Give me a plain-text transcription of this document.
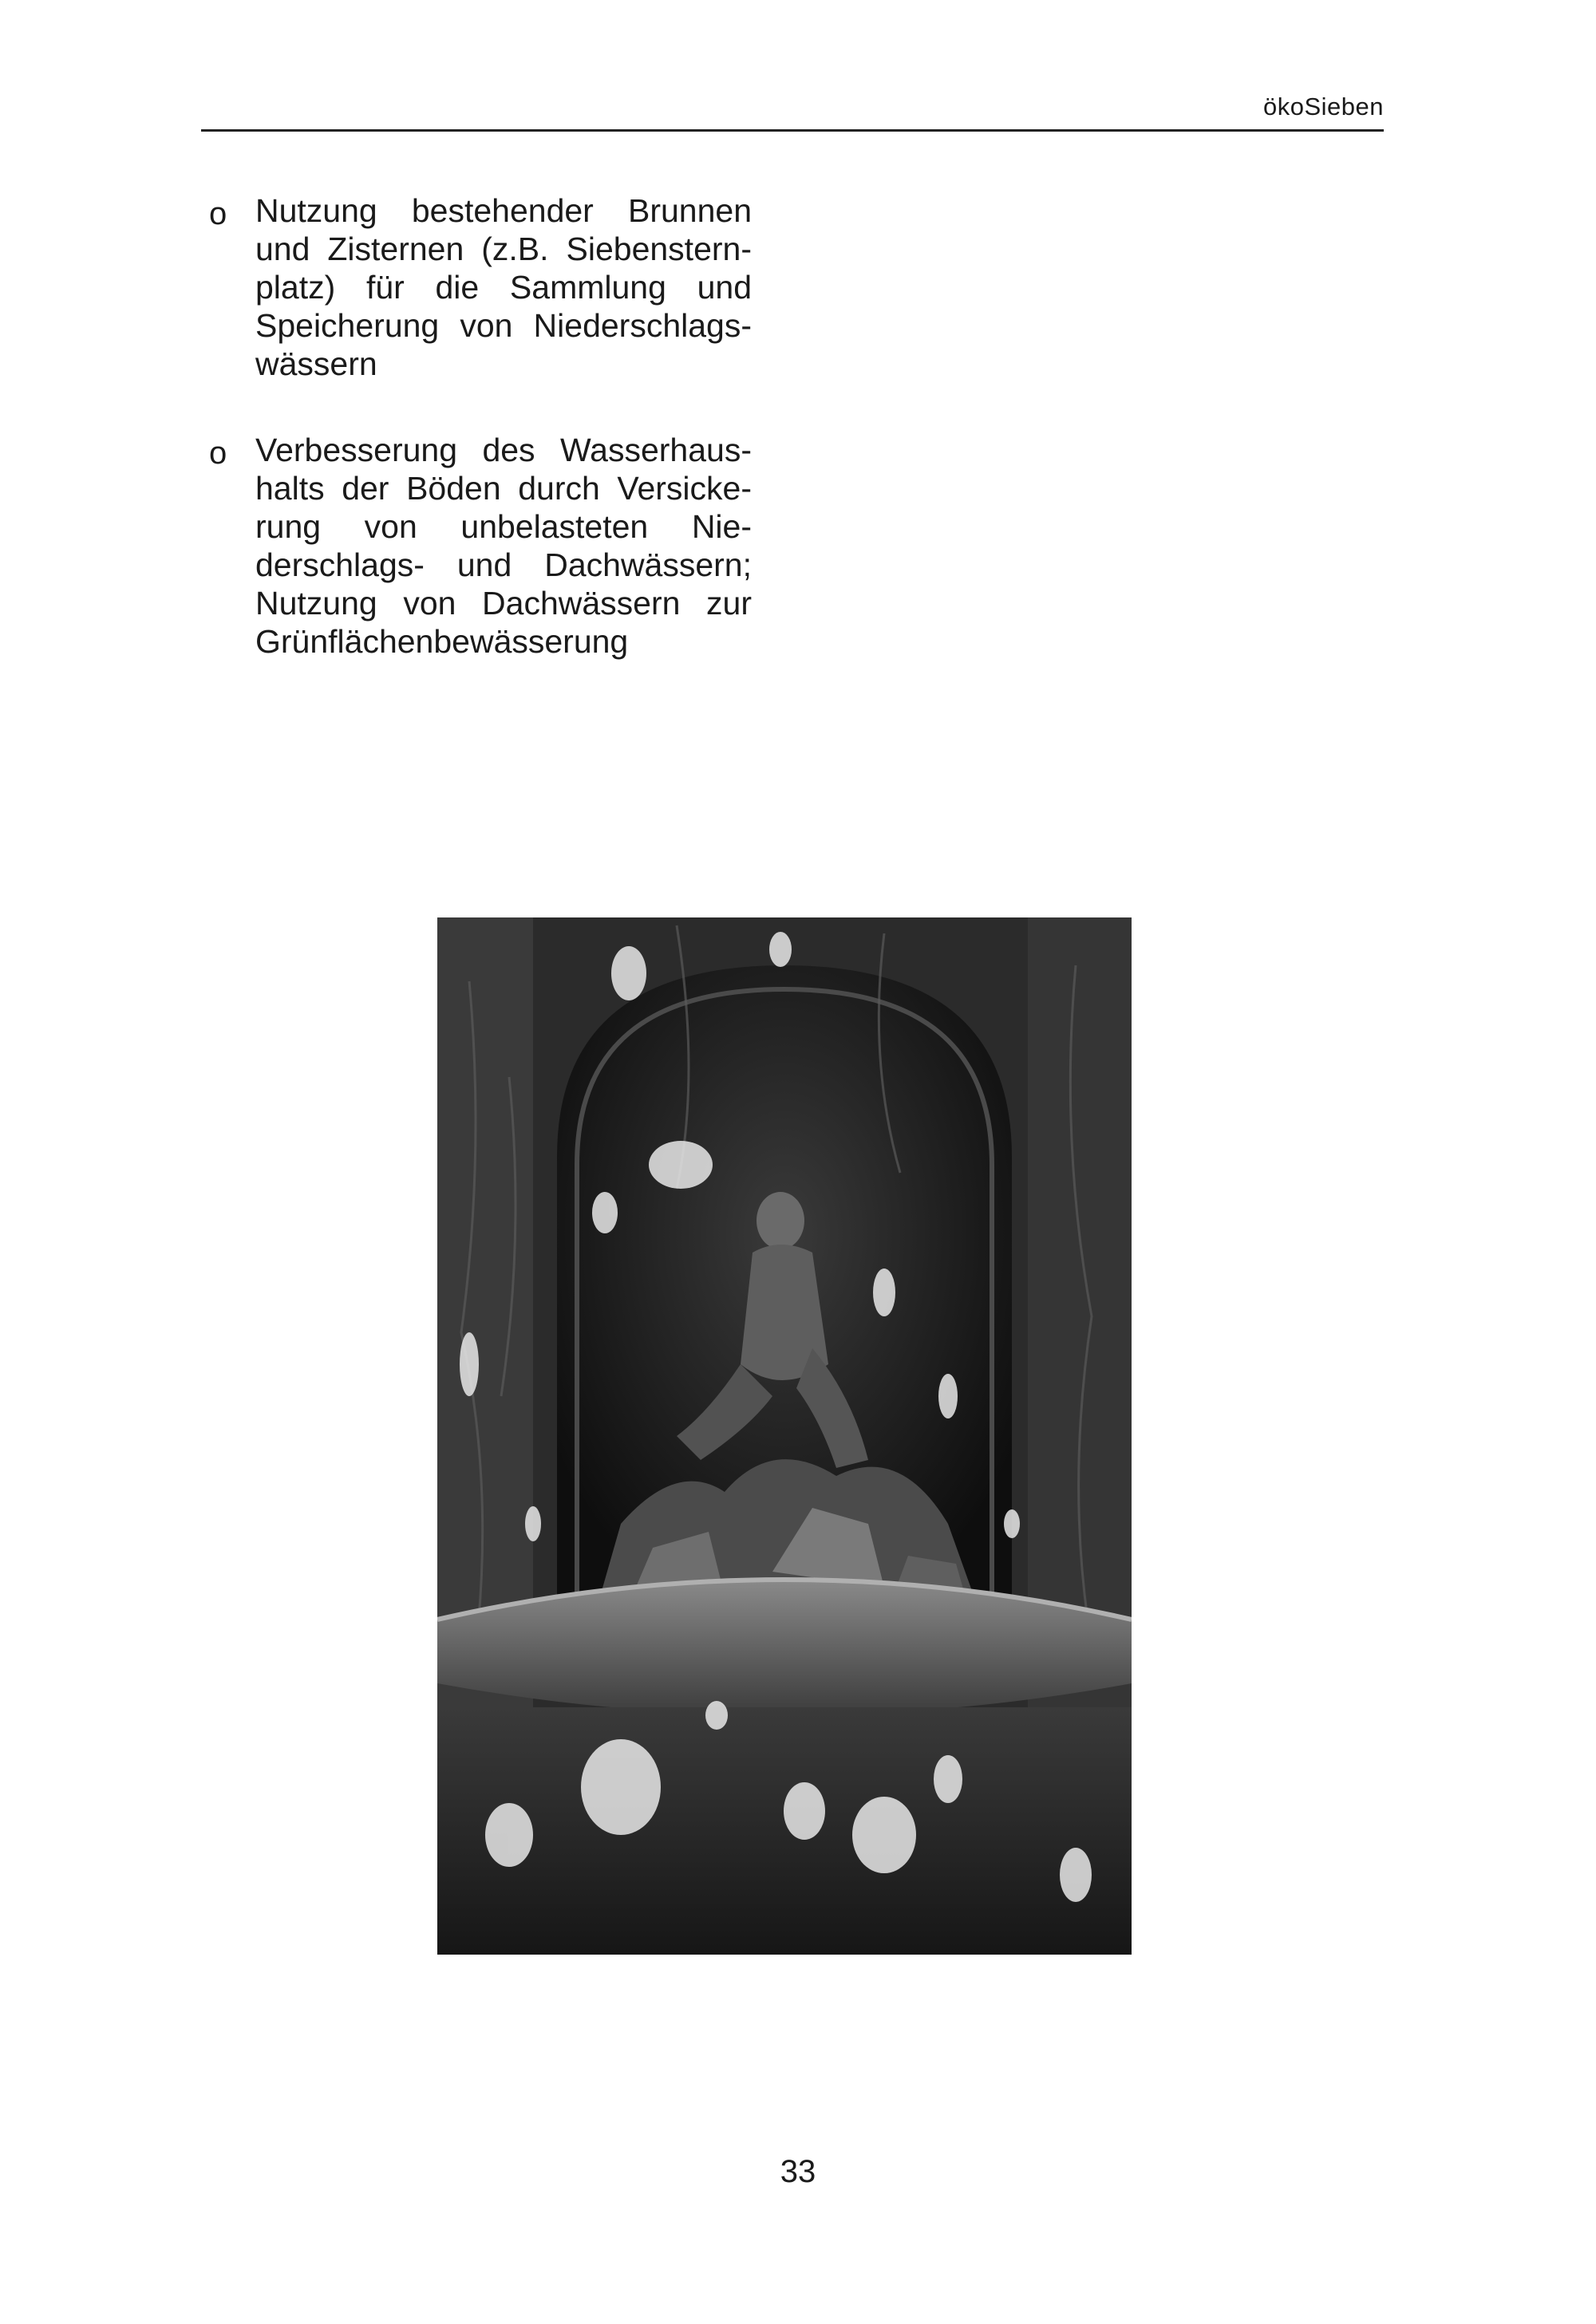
ökoSieben
o Nutzung bestehender Brunnen
und Zisternen (z.B. Siebenstern-
platz) für die Sammlung und
Speicherung von Niederschlags-
wässern
o Verbesserung des Wasserhaus-
halts der Böden durch Versicke-
rung von unbelasteten Nie-
derschlags- und Dachwässern;
Nutzung von Dachwässern zur
Grünflächenbewässerung
33
